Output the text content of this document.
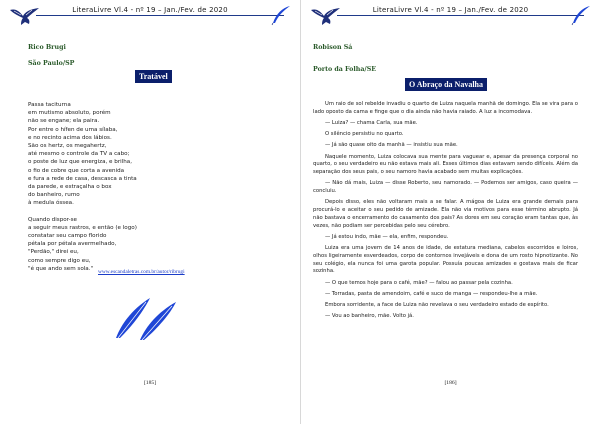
LiteraLivre Vl.4 - nº 19 – Jan./Fev. de 2020
Rico Brugi
São Paulo/SP
Tratável
Passa taciturna
em mutismo absoluto, porém
não se engane; ela paira.
Por entre o hífen de uma sílaba,
e no recinto acima dos lábios.
São os hertz, os megahertz,
até mesmo o controle da TV a cabo;
o poste de luz que energiza, e brilha,
o fio de cobre que corta a avenida
e fura a rede de casa, descasca a tinta
da parede, e estraçalha o box
do banheiro, rumo
à medula óssea.
Quando dispor-se
a seguir meus rastros, e então (e logo)
constatar seu campo florido
pétala por pétala avermelhado,
"Perdão," direi eu,
como sempre digo eu,
"é que ando sem sola."
www.escandaletras.com.br/autor/ribrugi
[185]
LiteraLivre Vl.4 - nº 19 – Jan./Fev. de 2020
Robison Sá
Porto da Folha/SE
O Abraço da Navalha

Um raio de sol rebelde invadiu o quarto de Luiza naquela manhã de domingo. Ela se vira para o lado oposto da cama e finge que o dia ainda não havia raiado. A luz a incomodava.

— Luiza? — chama Carla, sua mãe.

O silêncio persistiu no quarto.

— Já são quase oito da manhã — insistiu sua mãe.

Naquele momento, Luiza colocava sua mente para vaguear e, apesar da presença corporal no quarto, o seu verdadeiro eu não estava mais ali. Esses últimos dias estavam sendo difíceis. Além da separação dos seus pais, o seu namoro havia acabado sem muitas explicações.

— Não dá mais, Luiza — disse Roberto, seu namorado. — Podemos ser amigos, caso queira — concluiu.

Depois disso, eles não voltaram mais a se falar. A mágoa de Luiza era grande demais para procurá-lo e aceitar o seu pedido de amizade. Ela não via motivos para esse término abrupto. Já não bastava o encerramento do casamento dos pais? As dores em seu coração eram tantas que, às vezes, não podiam ser percebidas pelo seu cérebro.

— Já estou indo, mãe — ela, enfim, respondeu.

Luiza era uma jovem de 14 anos de idade, de estatura mediana, cabelos escorridos e loiros, olhos ligeiramente esverdeados, corpo de contornos invejáveis e dona de um rosto hipnotizante. No seu colégio, ela nunca foi uma garota popular. Possuía poucas amizades e gostava mais de ficar sozinha.

— O que temos hoje para o café, mãe? — falou ao passar pela cozinha.

— Torradas, pasta de amendoim, café e suco de manga — respondeu-lhe a mãe.

Embora sorridente, a face de Luiza não revelava o seu verdadeiro estado de espírito.

— Vou ao banheiro, mãe. Volto já.

[186]
